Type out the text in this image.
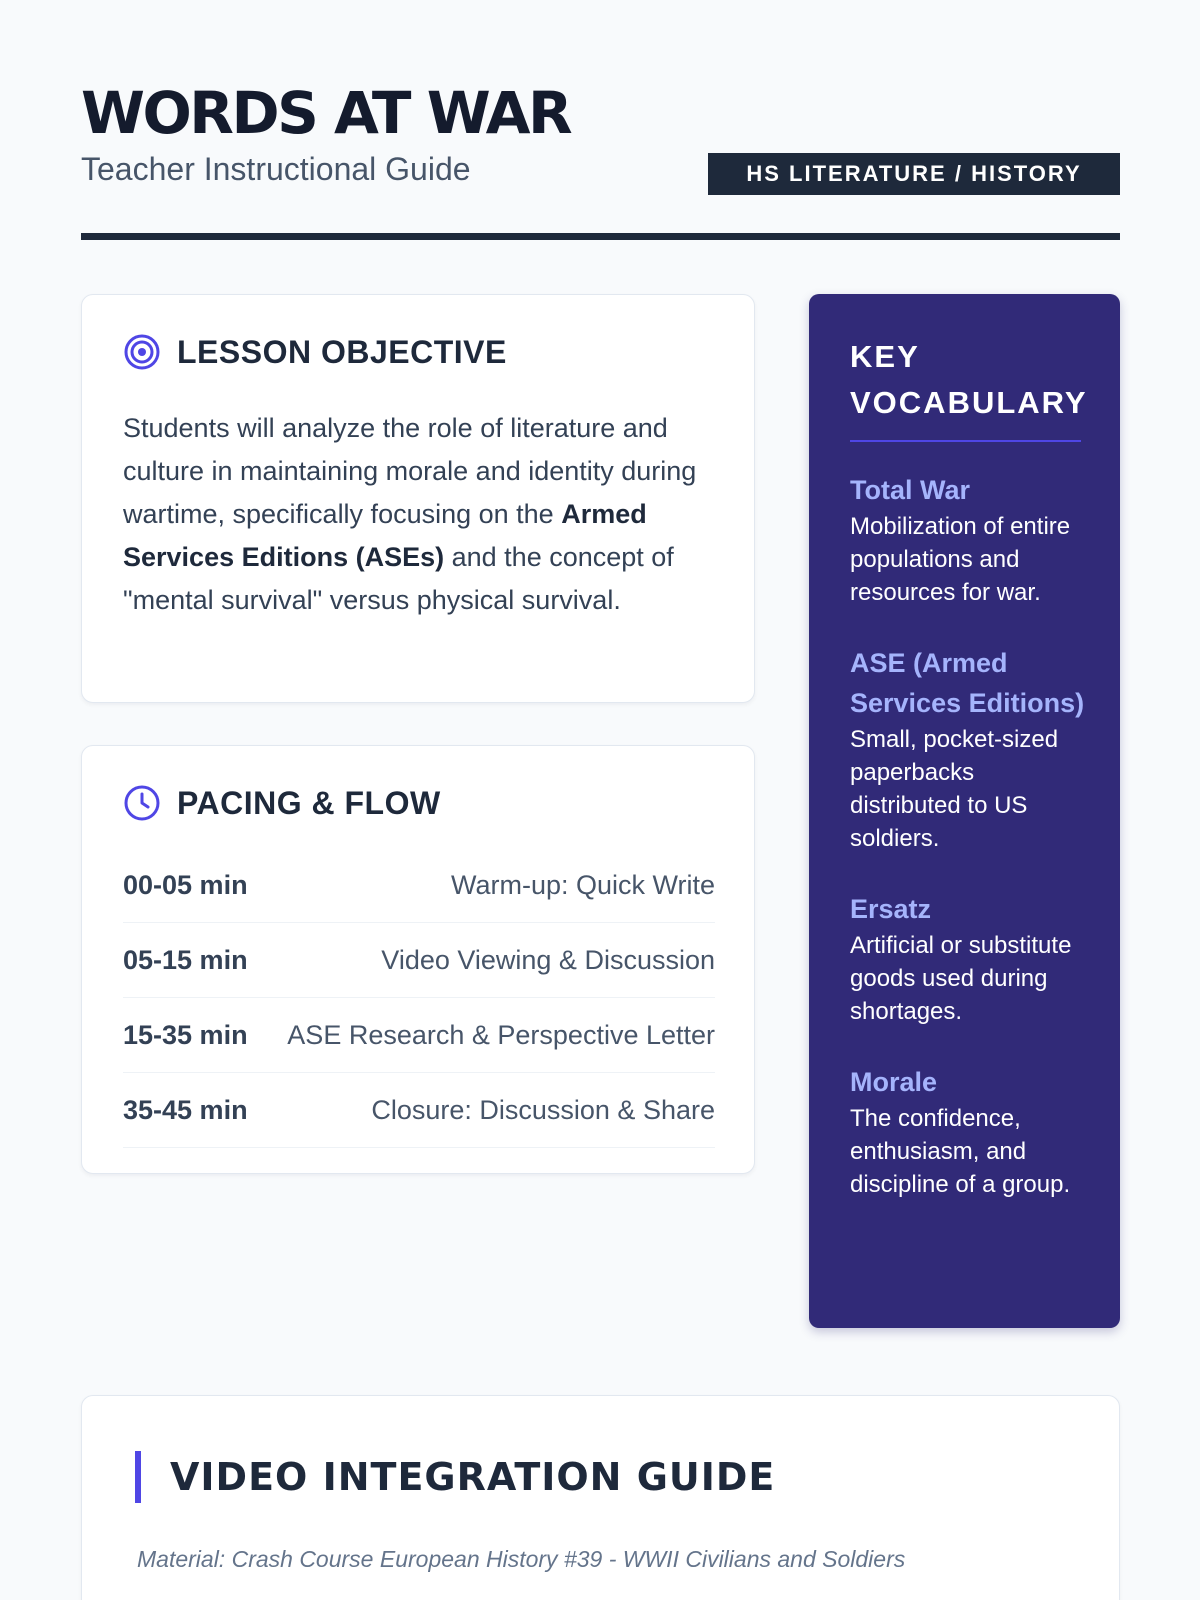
WORDS AT WAR
Teacher Instructional Guide	HS LITERATURE / HISTORY
LESSON OBJECTIVE

Students will analyze the role of literature and culture in maintaining morale and identity during wartime, specifically focusing on the Armed Services Editions (ASEs) and the concept of "mental survival" versus physical survival.

PACING & FLOW
00-05 min	Warm-up: Quick Write
05-15 min	Video Viewing & Discussion
15-35 min ASE Research & Perspective Letter
35-45 min	Closure: Discussion & Share
KEY VOCABULARY
Total War
Mobilization of entire populations and resources for war.
ASE (Armed Services Editions)
Small, pocket-sized paperbacks distributed to US soldiers.
Ersatz
Artificial or substitute goods used during shortages.
Morale
The confidence, enthusiasm, and discipline of a group.
VIDEO INTEGRATION GUIDE

Material: Crash Course European History #39 - WWII Civilians and Soldiers
